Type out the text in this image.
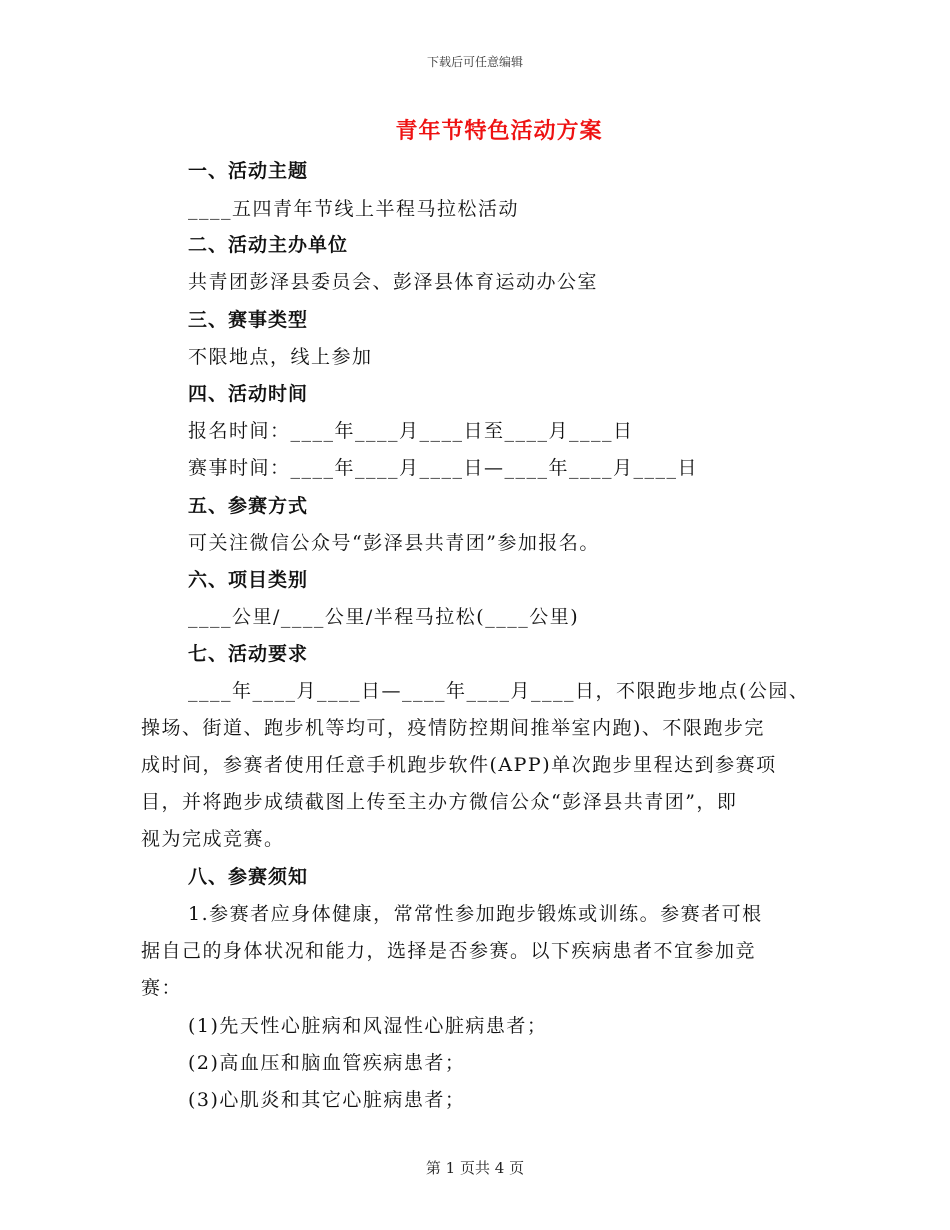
下载后可任意编辑
青年节特色活动方案
一、活动主题
____五四青年节线上半程马拉松活动
二、活动主办单位
共青团彭泽县委员会、彭泽县体育运动办公室
三、赛事类型
不限地点，线上参加
四、活动时间
报名时间：____年____月____日至____月____日
赛事时间：____年____月____日—____年____月____日
五、参赛方式
可关注微信公众号“彭泽县共青团”参加报名。
六、项目类别
____公里/____公里/半程马拉松(____公里)
七、活动要求
____年____月____日—____年____月____日，不限跑步地点(公园、
操场、街道、跑步机等均可，疫情防控期间推举室内跑)、不限跑步完
成时间，参赛者使用任意手机跑步软件(APP)单次跑步里程达到参赛项
目，并将跑步成绩截图上传至主办方微信公众“彭泽县共青团”，即
视为完成竞赛。
八、参赛须知
1.参赛者应身体健康，常常性参加跑步锻炼或训练。参赛者可根
据自己的身体状况和能力，选择是否参赛。以下疾病患者不宜参加竞
赛：
(1)先天性心脏病和风湿性心脏病患者；
(2)高血压和脑血管疾病患者；
(3)心肌炎和其它心脏病患者；
第 1 页共 4 页
